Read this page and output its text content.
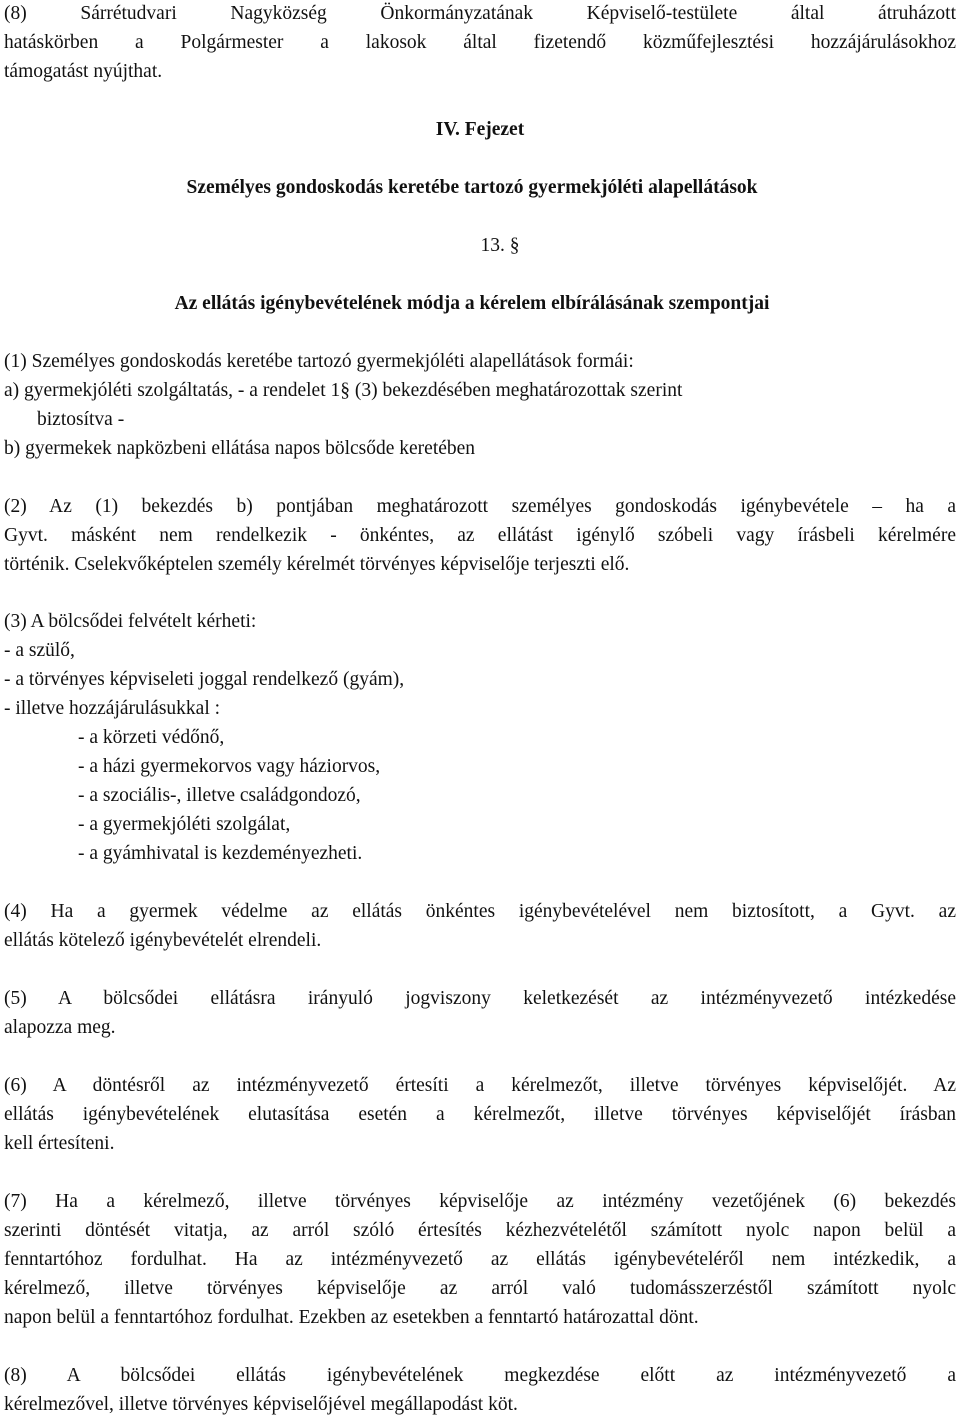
(8) Sárrétudvari Nagyközség Önkormányzatának Képviselő-testülete által átruházott

hatáskörben a Polgármester a lakosok által fizetendő közműfejlesztési hozzájárulásokhoz

támogatást nyújthat.

IV. Fejezet

Személyes gondoskodás keretébe tartozó gyermekjóléti alapellátások

13. §

Az ellátás igénybevételének módja a kérelem elbírálásának szempontjai

(1) Személyes gondoskodás keretébe tartozó gyermekjóléti alapellátások formái:

a) gyermekjóléti szolgáltatás, - a rendelet 1§ (3) bekezdésében meghatározottak szerint

biztosítva -

b) gyermekek napközbeni ellátása napos bölcsőde keretében

(2) Az (1) bekezdés b) pontjában meghatározott személyes gondoskodás igénybevétele – ha a

Gyvt. másként nem rendelkezik - önkéntes, az ellátást igénylő szóbeli vagy írásbeli kérelmére

történik. Cselekvőképtelen személy kérelmét törvényes képviselője terjeszti elő.

(3) A bölcsődei felvételt kérheti:

- a szülő,

- a törvényes képviseleti joggal rendelkező (gyám),

- illetve hozzájárulásukkal :

- a körzeti védőnő,

- a házi gyermekorvos vagy háziorvos,

- a szociális-, illetve családgondozó,

- a gyermekjóléti szolgálat,

- a gyámhivatal is kezdeményezheti.

(4) Ha a gyermek védelme az ellátás önkéntes igénybevételével nem biztosított, a Gyvt. az

ellátás kötelező igénybevételét elrendeli.

(5) A bölcsődei ellátásra irányuló jogviszony keletkezését az intézményvezető intézkedése

alapozza meg.

(6) A döntésről az intézményvezető értesíti a kérelmezőt, illetve törvényes képviselőjét. Az

ellátás igénybevételének elutasítása esetén a kérelmezőt, illetve törvényes képviselőjét írásban

kell értesíteni.

(7) Ha a kérelmező, illetve törvényes képviselője az intézmény vezetőjének (6) bekezdés

szerinti döntését vitatja, az arról szóló értesítés kézhezvételétől számított nyolc napon belül a

fenntartóhoz fordulhat. Ha az intézményvezető az ellátás igénybevételéről nem intézkedik, a

kérelmező, illetve törvényes képviselője az arról való tudomásszerzéstől számított nyolc

napon belül a fenntartóhoz fordulhat. Ezekben az esetekben a fenntartó határozattal dönt.

(8) A bölcsődei ellátás igénybevételének megkezdése előtt az intézményvezető a

kérelmezővel, illetve törvényes képviselőjével megállapodást köt.
